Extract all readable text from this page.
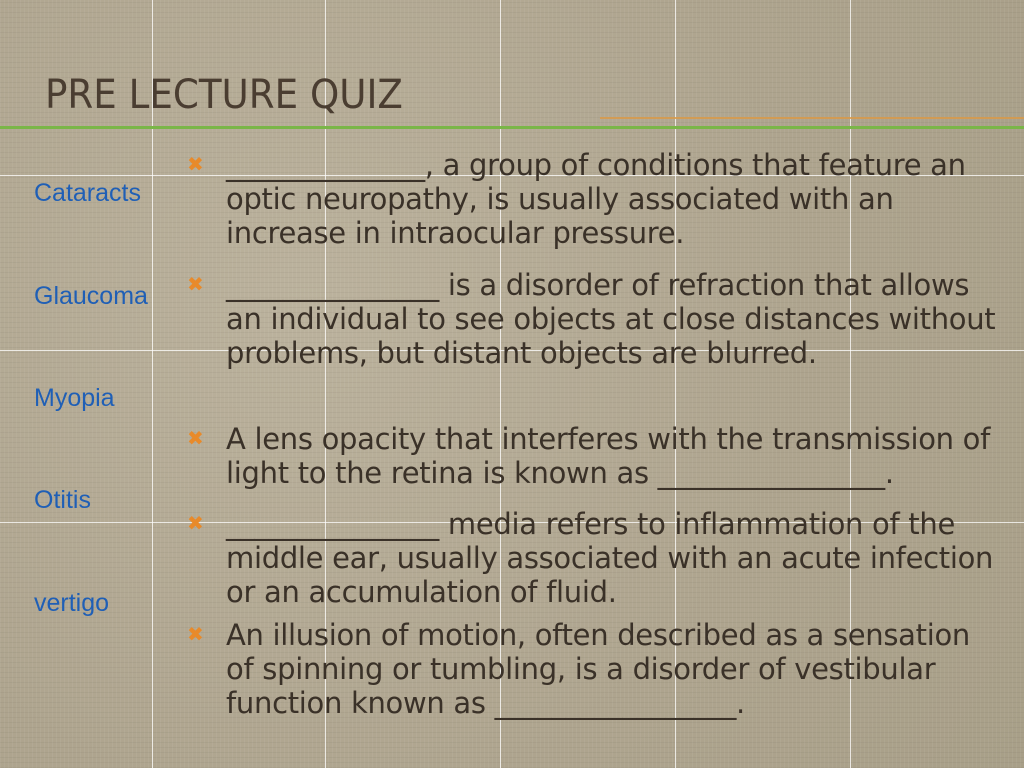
PRE LECTURE QUIZ
Cataracts
Glaucoma
Myopia
Otitis
vertigo
✖ ______________, a group of conditions that feature an optic neuropathy, is usually associated with an increase in intraocular pressure.
✖ _______________ is a disorder of refraction that allows an individual to see objects at close distances without problems, but distant objects are blurred.
✖ A lens opacity that interferes with the transmission of light to the retina is known as ________________.
✖ _______________ media refers to inflammation of the middle ear, usually associated with an acute infection or an accumulation of fluid.
✖ An illusion of motion, often described as a sensation of spinning or tumbling, is a disorder of vestibular function known as _________________.
